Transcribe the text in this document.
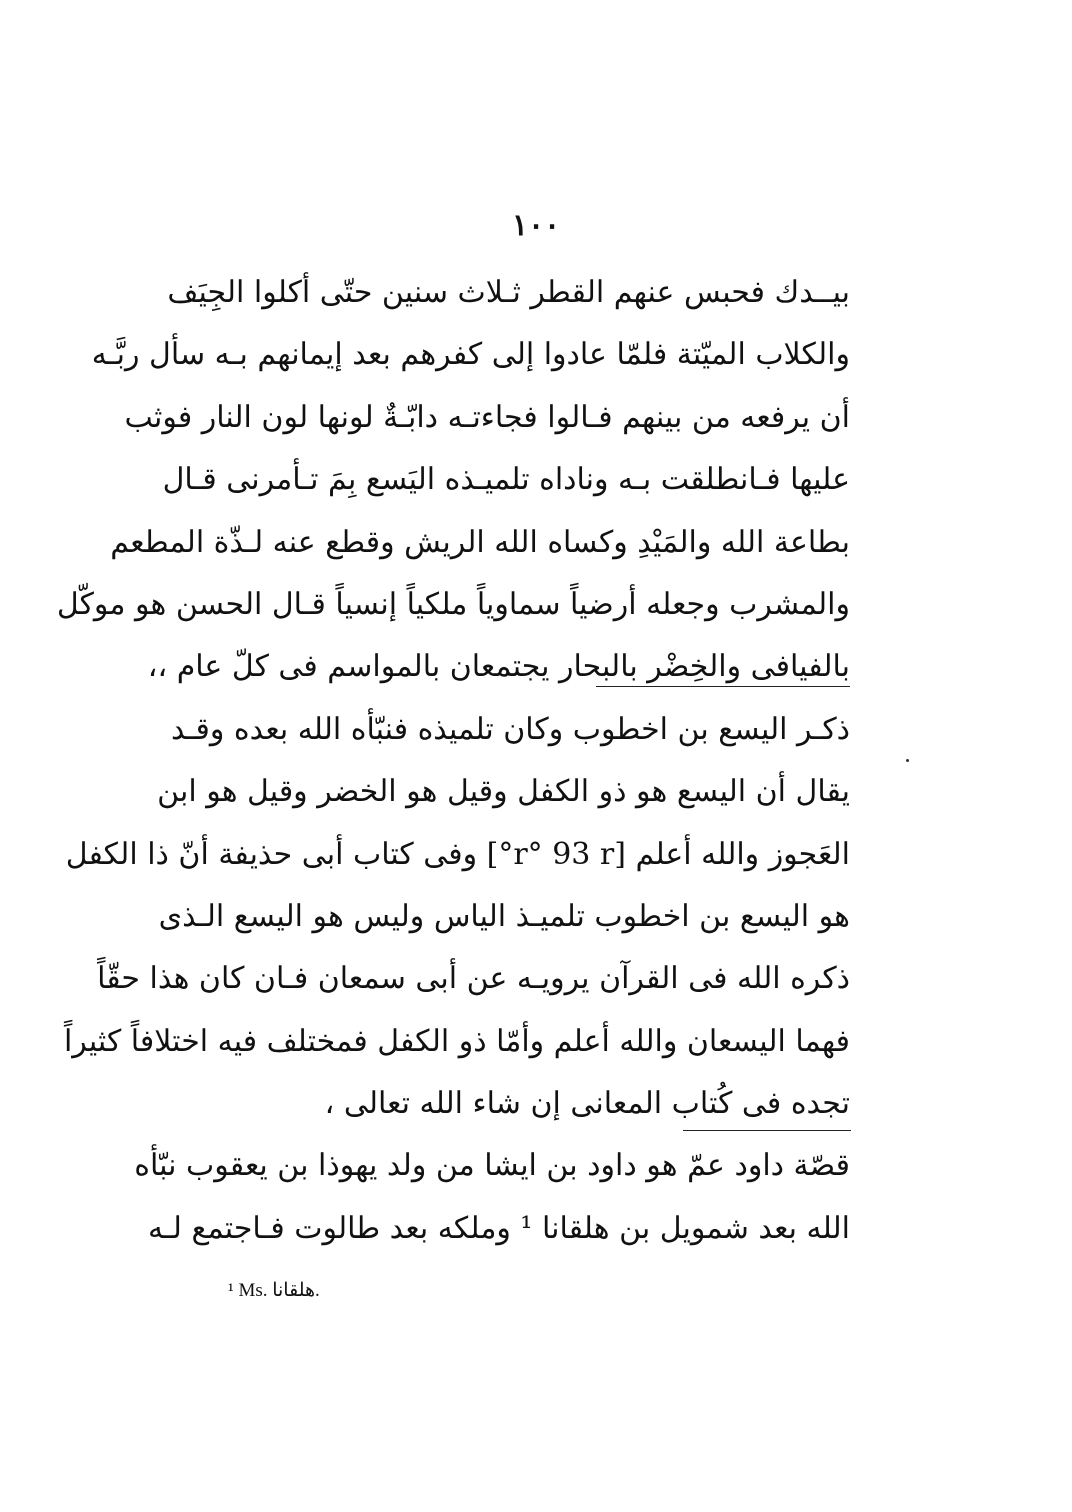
١٠٠
بيــدك فحبس عنهم القطر ثـلاث سنين حتّى أكلوا الجِيَف
والكلاب الميّتة فلمّا عادوا إلى كفرهم بعد إيمانهم بـه سأل ربَّـه
أن يرفعه من بينهم فـالوا فجاءتـه دابّـةٌ لونها لون النار فوثب
عليها فـانطلقت بـه وناداه تلميـذه اليَسع بِمَ تـأمرنى قـال
بطاعة الله والمَيْدِ وكساه الله الريش وقطع عنه لـذّة المطعم
والمشرب وجعله أرضياً سماوياً ملكياً إنسياً قـال الحسن هو موكّل
بالفيافى والخِضْر بالبحار يجتمعان بالمواسم فى كلّ عام ،،
ذكـر اليسع بن اخطوب وكان تلميذه فنبّأه الله بعده وقـد
يقال أن اليسع هو ذو الكفل وقيل هو الخضر وقيل هو ابن
العَجوز والله أعلم [r° 93 r°] وفى كتاب أبى حذيفة أنّ ذا الكفل
هو اليسع بن اخطوب تلميـذ الياس وليس هو اليسع الـذى
ذكره الله فى القرآن يرويـه عن أبى سمعان فـان كان هذا حقّاً
فهما اليسعان والله أعلم وأمّا ذو الكفل فمختلف فيه اختلافاً كثيراً
تجده فى كُتاب المعانى إن شاء الله تعالى ،
قصّة داود عمّ هو داود بن ايشا من ولد يهوذا بن يعقوب نبّأه
الله بعد شمويل بن هلقانا ¹ وملكه بعد طالوت فـاجتمع لـه
¹ Ms. هلقانا.
